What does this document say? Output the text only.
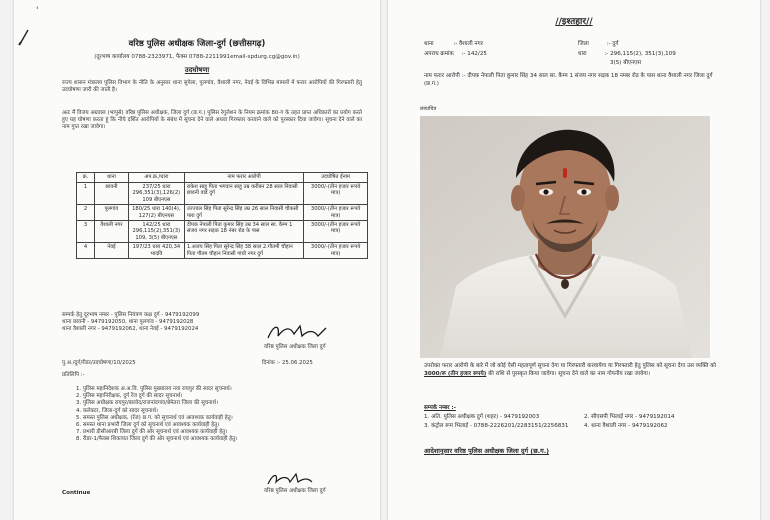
'
वरिष्ठ पुलिस अधीक्षक जिला-दुर्ग (छत्तीसगढ़)
(दूरभाष कार्यालय 0788-2323971, फैक्स 0788-2211991email-spdurg.cg@gov.in)
उदघोषणा
राज्य शासन मंत्रालय पुलिस विभाग के नीति के अनुसार थाना सुपेला, पुलगांव, वैशाली नगर, नेवई के विभिन्न मामलों में फरार आरोपियों की गिरफ्तारी हेतु उदघोषणा जारी की जाती है।
अतः मैं विजय अग्रवाल (भापुसे) वरिष्ठ पुलिस अधीक्षक, जिला दुर्ग (छ.ग.) पुलिस रेगुलेशन के नियम क्रमांक 80-ग के तहत प्राप्त अधिकारों का प्रयोग करते हुए यह घोषणा करता हूं कि नीचे दर्शित आरोपियों के संबंध में सूचना देने वाले अथवा गिरफ्तार करवाने वाले को पुरस्कार दिया जावेगा। सूचना देने वाले का नाम गुप्त रखा जावेगा।
क्र.	थाना	अप.क्र./धारा	नाम फरार आरोपी	उदघोषित ईनाम
1	छावनी	237/25 धारा 296,351(3),126(2) 109 बीएनएस	राकेश साहू पिता भगवान साहू उम्र करीबन 28 साल निवासी छावनी वार्ड दुर्ग	3000/-(तीन हजार रूपये मात्र)
2	पुलगांव	180/25 धारा 140(4), 127(2) बीएनएस	उज्ज्वल सिंह पिता सुरेन्द्र सिंह उम्र 26 साल निवासी चौकसी पारा दुर्ग	3000/-(तीन हजार रूपये मात्र)
3	वैशाली नगर	142/25 धारा 296,115(2),351(3) 109, 3(5) बीएनएस	दीपक नेपाली पिता कुमार सिंह उम्र 34 साल सा. कैम्प 1 संजय नगर सड़क 18 नंबर रोड के पास	3000/-(तीन हजार रूपये मात्र)
4	नेवई	197/23 धारा 420,34 भादवि	1.अजय सिंह पिता सुरेन्द्र सिंह 38 साल 2.गौतमी चौहान पिता गौतम चौहान निवासी गांधी नगर दुर्ग	3000/-(तीन हजार रूपये मात्र)
सम्पर्क हेतु दूरभाष नम्बर - पुलिस नियंत्रण कक्ष दुर्ग - 9479192099
थाना छावनी - 9479192050, थाना पुलगांव - 9479192028
थाना वैशाली नगर - 9479192062, थाना नेवई - 9479192024
वरिष्ठ पुलिस अधीक्षक जिला दुर्ग
पु.अ./दुर्ग/रीडर/उदघोषणा/10/2025	दिनांक :- 25.06.2025
प्रतिलिपि :-
1. पुलिस महानिदेशक अ.अ.वि. पुलिस मुख्यालय नवा रायपुर की सादर सूचनार्थ।
2. पुलिस महानिरीक्षक, दुर्ग रेंज दुर्ग की सादर सूचनार्थ।
3. पुलिस अधीक्षक रायपुर/बालोद/राजनांदगांव/बेमेतरा जिला की सूचनार्थ।
4. कलेक्टर, जिला-दुर्ग को सादर सूचनार्थ।
5. समस्त पुलिस अधीक्षक, (रेंज) छ.ग. को सूचनार्थ एवं आवश्यक कार्यवाही हेतु।
6. समस्त थाना प्रभारी जिला दुर्ग को सूचनार्थ एवं आवश्यक कार्यवाही हेतु।
7. प्रभारी डीसीआरबी जिला दुर्ग की ओर सूचनार्थ एवं आवश्यक कार्यवाही हेतु।
8. रीडर-1/फैक्स शिकायत जिला दुर्ग की ओर सूचनार्थ एवं आवश्यक कार्यवाही हेतु।
वरिष्ठ पुलिस अधीक्षक जिला दुर्ग
Continue
//इश्तहार//
थाना	:- वैशाली नगर	जिला	:- दुर्ग
अपराध क्रमांक :- 142/25	धारा	:- 296,115(2), 351(3),109
3(5) बीएनएस
नाम फरार आरोपी :- दीपक नेपाली पिता कुमार सिंह 34 साल सा. कैम्प 1 संजय नगर सड़क 18 नम्बर रोड के पास थाना वैशाली नगर जिला दुर्ग (छ.ग.)
छायाचित्र
उपरोक्त फरार आरोपी के बारे में जो कोई ऐसी महत्वपूर्ण सूचना देगा या गिरफ्तारी करवायेगा या गिरफ्तारी हेतु पुलिस को सूचना देगा उस व्यक्ति को 3000/रू (तीन हजार रूपये) की राशि से पुरस्कृत किया जावेगा। सूचना देने वाले का नाम गोपनीय रखा जावेगा।
सम्पर्क नम्बर :-
1. अति. पुलिस अधीक्षक दुर्ग (शहर) - 9479192003	2. सीएसपी भिलाई नगर - 9479192014
3. कंट्रोल रूम भिलाई - 0788-2226201/2283151/2256831	4. थाना वैशाली नगर - 9479192062
आदेशानुसार वरिष्ठ पुलिस अधीक्षक जिला दुर्ग (छ.ग.)
